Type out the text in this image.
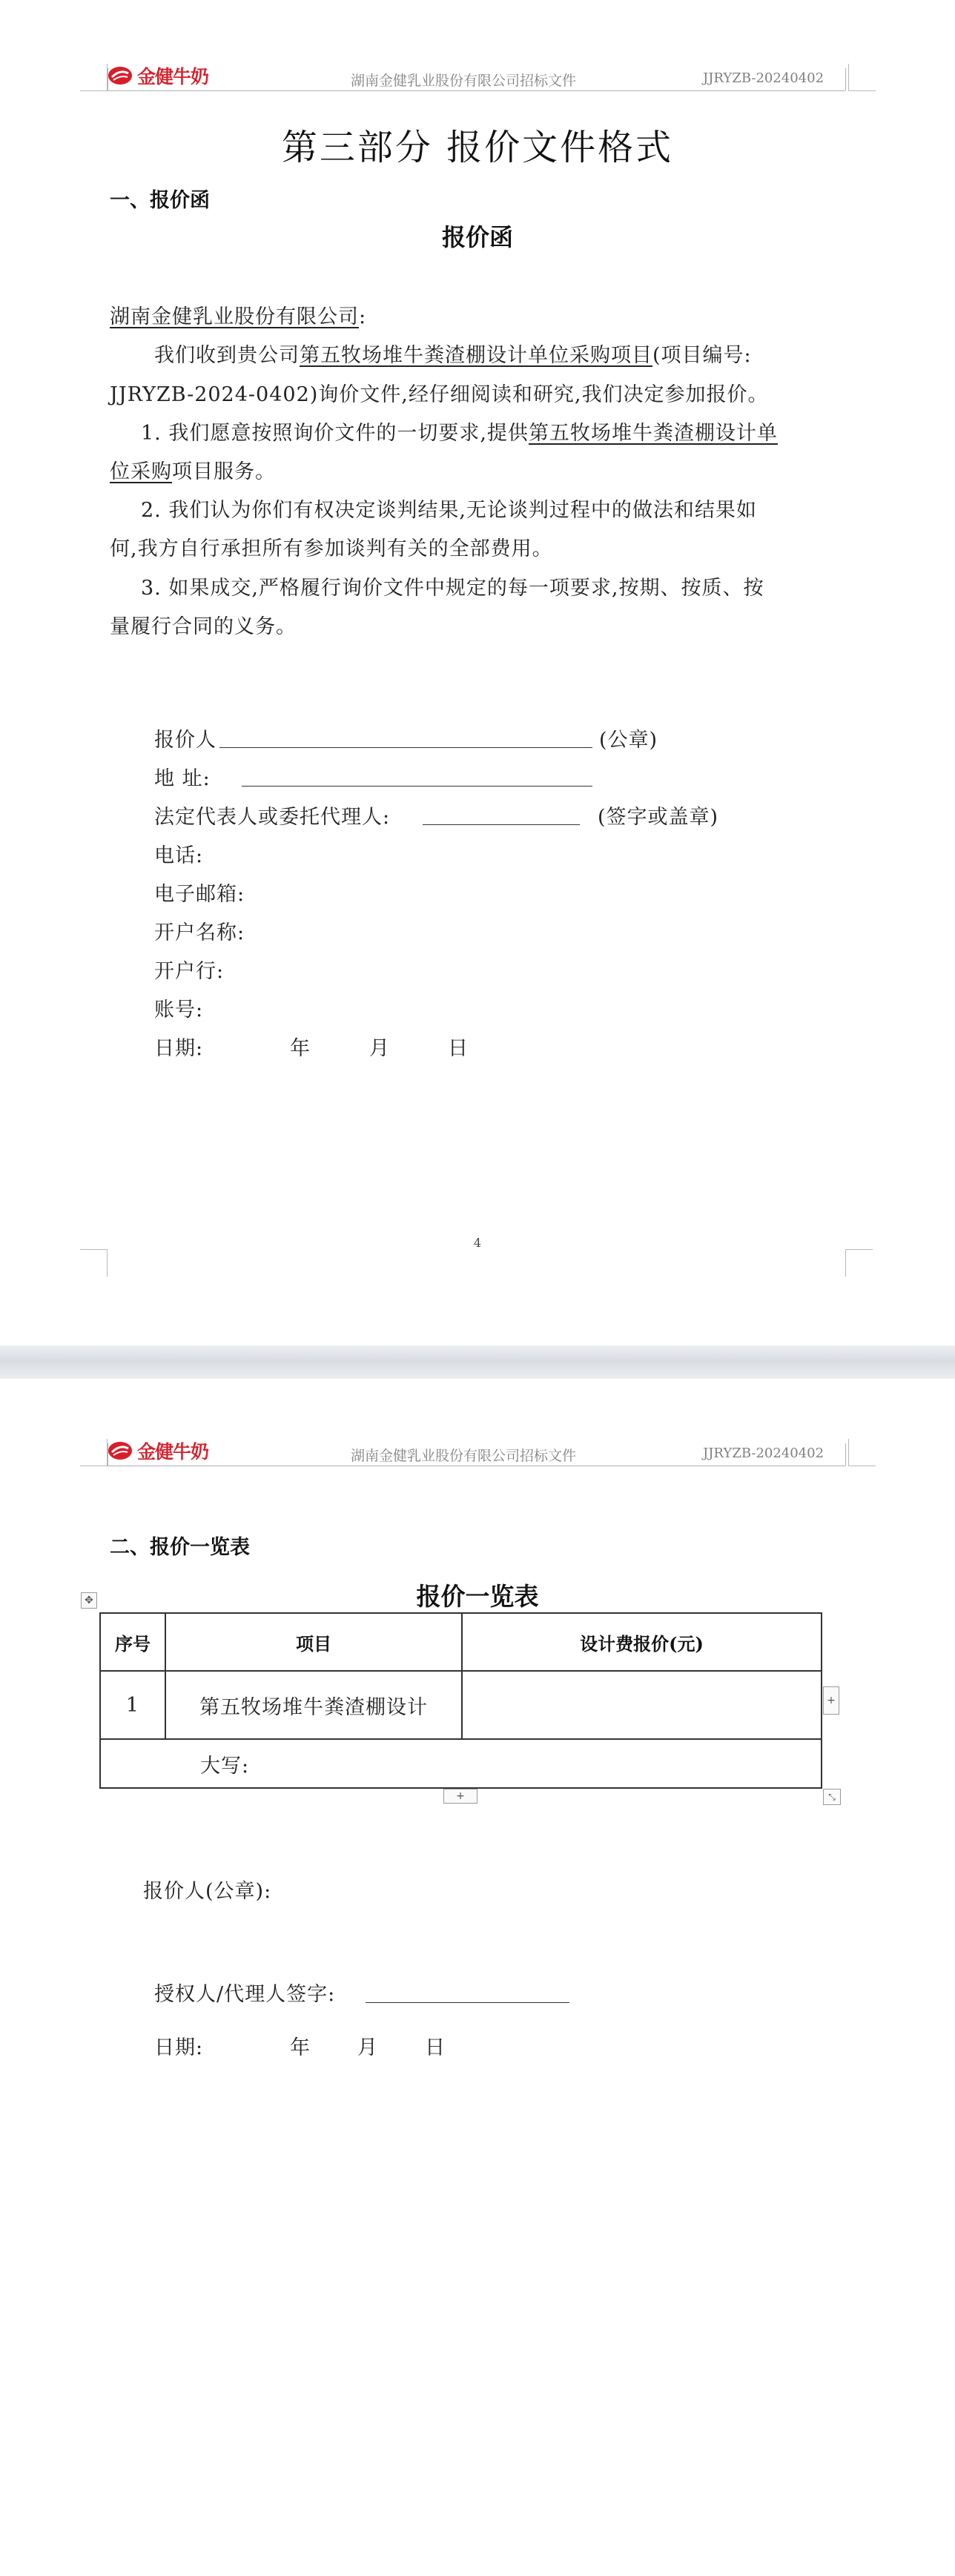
金健牛奶	湖南金健乳业股份有限公司招标文件	JJRYZB-20240402
第三部分 报价文件格式
一、报价函
报价函
湖南金健乳业股份有限公司:
我们收到贵公司第五牧场堆牛粪渣棚设计单位采购项目(项目编号:
JJRYZB-2024-0402)询价文件,经仔细阅读和研究,我们决定参加报价。
1. 我们愿意按照询价文件的一切要求,提供第五牧场堆牛粪渣棚设计单
位采购项目服务。
2. 我们认为你们有权决定谈判结果,无论谈判过程中的做法和结果如
何,我方自行承担所有参加谈判有关的全部费用。
3. 如果成交,严格履行询价文件中规定的每一项要求,按期、按质、按
量履行合同的义务。
报价人	(公章)
地 址:
法定代表人或委托代理人:	(签字或盖章)
电话:
电子邮箱:
开户名称:
开户行:
账号:
日期:	年	月	日
4
金健牛奶	湖南金健乳业股份有限公司招标文件	JJRYZB-20240402
二、报价一览表
✥	报价一览表
序号	项目	设计费报价(元)
1	第五牧场堆牛粪渣棚设计	
大写:		
+
+	⤡
报价人(公章):
授权人/代理人签字:
日期:	年 月 日
